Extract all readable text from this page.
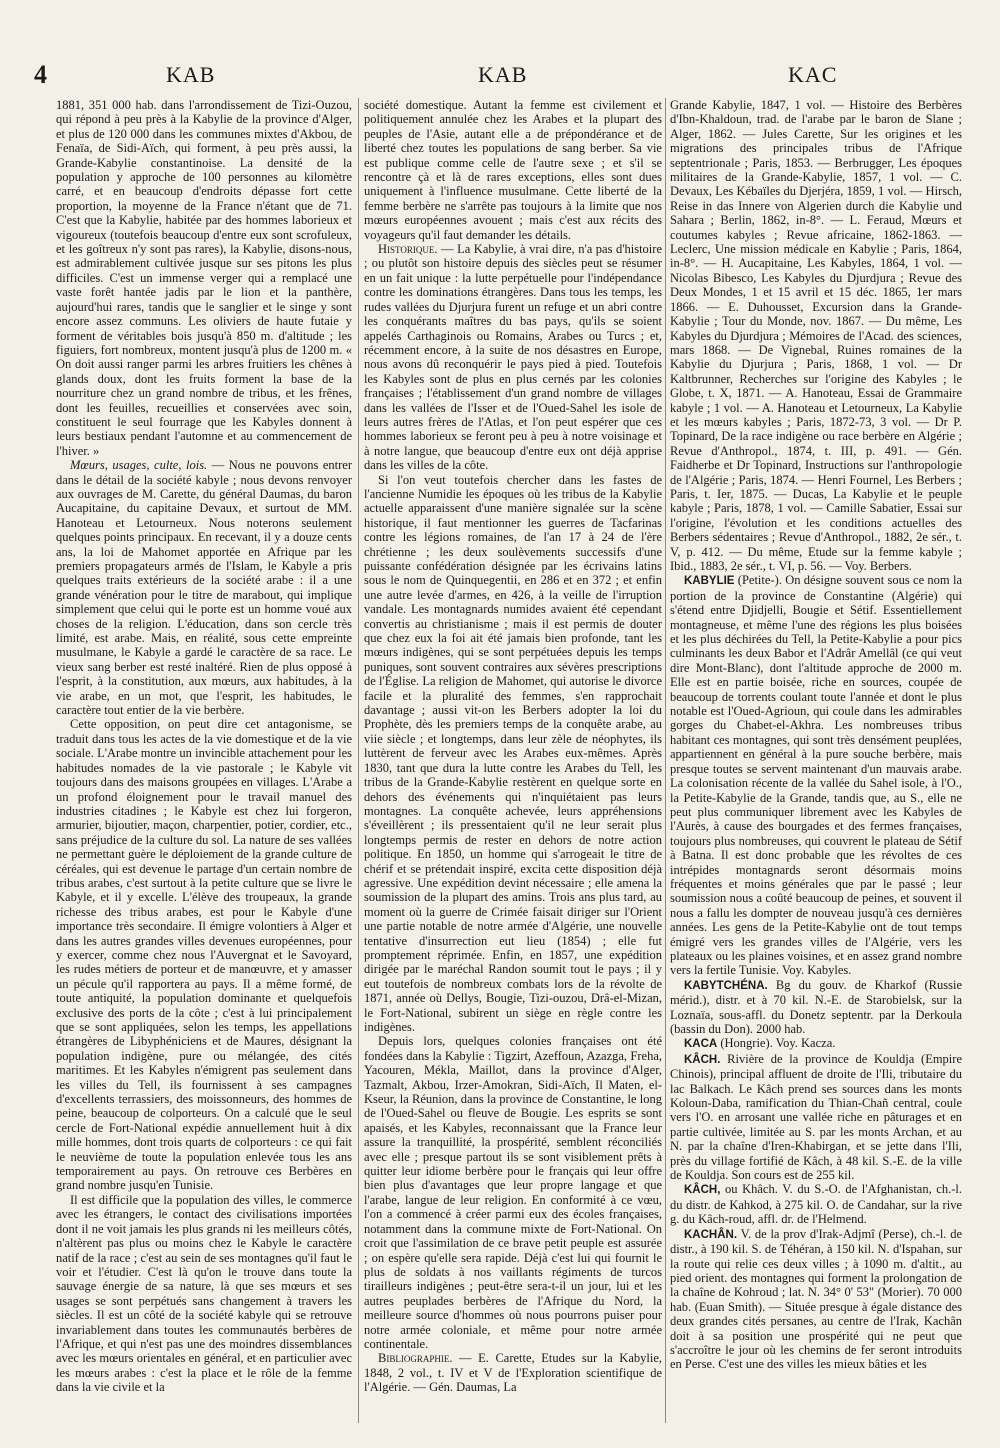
4	KAB	KAB	KAC

1881, 351 000 hab. dans l'arrondissement de Tizi-Ouzou, qui répond à peu près à la Kabylie de la province d'Alger, et plus de 120 000 dans les communes mixtes d'Akbou, de Fenaïa, de Sidi-Aïch, qui forment, à peu près aussi, la Grande-Kabylie constantinoise. La densité de la population y approche de 100 personnes au kilomètre carré, et en beaucoup d'endroits dépasse fort cette proportion, la moyenne de la France n'étant que de 71. C'est que la Kabylie, habitée par des hommes laborieux et vigoureux (toutefois beaucoup d'entre eux sont scrofuleux, et les goîtreux n'y sont pas rares), la Kabylie, disons-nous, est admirablement cultivée jusque sur ses pitons les plus difficiles. C'est un immense verger qui a remplacé une vaste forêt hantée jadis par le lion et la panthère, aujourd'hui rares, tandis que le sanglier et le singe y sont encore assez communs. Les oliviers de haute futaie y forment de véritables bois jusqu'à 850 m. d'altitude ; les figuiers, fort nombreux, montent jusqu'à plus de 1200 m. « On doit aussi ranger parmi les arbres fruitiers les chênes à glands doux, dont les fruits forment la base de la nourriture chez un grand nombre de tribus, et les frênes, dont les feuilles, recueillies et conservées avec soin, constituent le seul fourrage que les Kabyles donnent à leurs bestiaux pendant l'automne et au commencement de l'hiver. »

Mœurs, usages, culte, lois. — Nous ne pouvons entrer dans le détail de la société kabyle ; nous devons renvoyer aux ouvrages de M. Carette, du général Daumas, du baron Aucapitaine, du capitaine Devaux, et surtout de MM. Hanoteau et Letourneux. Nous noterons seulement quelques points principaux. En recevant, il y a douze cents ans, la loi de Mahomet apportée en Afrique par les premiers propagateurs armés de l'Islam, le Kabyle a pris quelques traits extérieurs de la société arabe : il a une grande vénération pour le titre de marabout, qui implique simplement que celui qui le porte est un homme voué aux choses de la religion. L'éducation, dans son cercle très limité, est arabe. Mais, en réalité, sous cette empreinte musulmane, le Kabyle a gardé le caractère de sa race. Le vieux sang berber est resté inaltéré. Rien de plus opposé à l'esprit, à la constitution, aux mœurs, aux habitudes, à la vie arabe, en un mot, que l'esprit, les habitudes, le caractère tout entier de la vie berbère.

Cette opposition, on peut dire cet antagonisme, se traduit dans tous les actes de la vie domestique et de la vie sociale. L'Arabe montre un invincible attachement pour les habitudes nomades de la vie pastorale ; le Kabyle vit toujours dans des maisons groupées en villages. L'Arabe a un profond éloignement pour le travail manuel des industries citadines ; le Kabyle est chez lui forgeron, armurier, bijoutier, maçon, charpentier, potier, cordier, etc., sans préjudice de la culture du sol. La nature de ses vallées ne permettant guère le déploiement de la grande culture de céréales, qui est devenue le partage d'un certain nombre de tribus arabes, c'est surtout à la petite culture que se livre le Kabyle, et il y excelle. L'élève des troupeaux, la grande richesse des tribus arabes, est pour le Kabyle d'une importance très secondaire. Il émigre volontiers à Alger et dans les autres grandes villes devenues européennes, pour y exercer, comme chez nous l'Auvergnat et le Savoyard, les rudes métiers de porteur et de manœuvre, et y amasser un pécule qu'il rapportera au pays. Il a même formé, de toute antiquité, la population dominante et quelquefois exclusive des ports de la côte ; c'est à lui principalement que se sont appliquées, selon les temps, les appellations étrangères de Libyphéniciens et de Maures, désignant la population indigène, pure ou mélangée, des cités maritimes. Et les Kabyles n'émigrent pas seulement dans les villes du Tell, ils fournissent à ses campagnes d'excellents terrassiers, des moissonneurs, des hommes de peine, beaucoup de colporteurs. On a calculé que le seul cercle de Fort-National expédie annuellement huit à dix mille hommes, dont trois quarts de colporteurs : ce qui fait le neuvième de toute la population enlevée tous les ans temporairement au pays. On retrouve ces Berbères en grand nombre jusqu'en Tunisie.

Il est difficile que la population des villes, le commerce avec les étrangers, le contact des civilisations importées dont il ne voit jamais les plus grands ni les meilleurs côtés, n'altèrent pas plus ou moins chez le Kabyle le caractère natif de la race ; c'est au sein de ses montagnes qu'il faut le voir et l'étudier. C'est là qu'on le trouve dans toute la sauvage énergie de sa nature, là que ses mœurs et ses usages se sont perpétués sans changement à travers les siècles. Il est un côté de la société kabyle qui se retrouve invariablement dans toutes les communautés berbères de l'Afrique, et qui n'est pas une des moindres dissemblances avec les mœurs orientales en général, et en particulier avec les mœurs arabes : c'est la place et le rôle de la femme dans la vie civile et la

société domestique. Autant la femme est civilement et politiquement annulée chez les Arabes et la plupart des peuples de l'Asie, autant elle a de prépondérance et de liberté chez toutes les populations de sang berber. Sa vie est publique comme celle de l'autre sexe ; et s'il se rencontre çà et là de rares exceptions, elles sont dues uniquement à l'influence musulmane. Cette liberté de la femme berbère ne s'arrête pas toujours à la limite que nos mœurs européennes avouent ; mais c'est aux récits des voyageurs qu'il faut demander les détails.

Historique. — La Kabylie, à vrai dire, n'a pas d'histoire ; ou plutôt son histoire depuis des siècles peut se résumer en un fait unique : la lutte perpétuelle pour l'indépendance contre les dominations étrangères. Dans tous les temps, les rudes vallées du Djurjura furent un refuge et un abri contre les conquérants maîtres du bas pays, qu'ils se soient appelés Carthaginois ou Romains, Arabes ou Turcs ; et, récemment encore, à la suite de nos désastres en Europe, nous avons dû reconquérir le pays pied à pied. Toutefois les Kabyles sont de plus en plus cernés par les colonies françaises ; l'établissement d'un grand nombre de villages dans les vallées de l'Isser et de l'Oued-Sahel les isole de leurs autres frères de l'Atlas, et l'on peut espérer que ces hommes laborieux se feront peu à peu à notre voisinage et à notre langue, que beaucoup d'entre eux ont déjà apprise dans les villes de la côte.

Si l'on veut toutefois chercher dans les fastes de l'ancienne Numidie les époques où les tribus de la Kabylie actuelle apparaissent d'une manière signalée sur la scène historique, il faut mentionner les guerres de Tacfarinas contre les légions romaines, de l'an 17 à 24 de l'ère chrétienne ; les deux soulèvements successifs d'une puissante confédération désignée par les écrivains latins sous le nom de Quinquegentii, en 286 et en 372 ; et enfin une autre levée d'armes, en 426, à la veille de l'irruption vandale. Les montagnards numides avaient été cependant convertis au christianisme ; mais il est permis de douter que chez eux la foi ait été jamais bien profonde, tant les mœurs indigènes, qui se sont perpétuées depuis les temps puniques, sont souvent contraires aux sévères prescriptions de l'Église. La religion de Mahomet, qui autorise le divorce facile et la pluralité des femmes, s'en rapprochait davantage ; aussi vit-on les Berbers adopter la loi du Prophète, dès les premiers temps de la conquête arabe, au viie siècle ; et longtemps, dans leur zèle de néophytes, ils luttèrent de ferveur avec les Arabes eux-mêmes. Après 1830, tant que dura la lutte contre les Arabes du Tell, les tribus de la Grande-Kabylie restèrent en quelque sorte en dehors des événements qui n'inquiétaient pas leurs montagnes. La conquête achevée, leurs appréhensions s'éveillèrent ; ils pressentaient qu'il ne leur serait plus longtemps permis de rester en dehors de notre action politique. En 1850, un homme qui s'arrogeait le titre de chérif et se prétendait inspiré, excita cette disposition déjà agressive. Une expédition devint nécessaire ; elle amena la soumission de la plupart des amins. Trois ans plus tard, au moment où la guerre de Crimée faisait diriger sur l'Orient une partie notable de notre armée d'Algérie, une nouvelle tentative d'insurrection eut lieu (1854) ; elle fut promptement réprimée. Enfin, en 1857, une expédition dirigée par le maréchal Randon soumit tout le pays ; il y eut toutefois de nombreux combats lors de la révolte de 1871, année où Dellys, Bougie, Tizi-ouzou, Drâ-el-Mizan, le Fort-National, subirent un siège en règle contre les indigènes.

Depuis lors, quelques colonies françaises ont été fondées dans la Kabylie : Tigzirt, Azeffoun, Azazga, Freha, Yacouren, Mékla, Maillot, dans la province d'Alger, Tazmalt, Akbou, Irzer-Amokran, Sidi-Aïch, Il Maten, el-Kseur, la Réunion, dans la province de Constantine, le long de l'Oued-Sahel ou fleuve de Bougie. Les esprits se sont apaisés, et les Kabyles, reconnaissant que la France leur assure la tranquillité, la prospérité, semblent réconciliés avec elle ; presque partout ils se sont visiblement prêts à quitter leur idiome berbère pour le français qui leur offre bien plus d'avantages que leur propre langage et que l'arabe, langue de leur religion. En conformité à ce vœu, l'on a commencé à créer parmi eux des écoles françaises, notamment dans la commune mixte de Fort-National. On croit que l'assimilation de ce brave petit peuple est assurée ; on espère qu'elle sera rapide. Déjà c'est lui qui fournit le plus de soldats à nos vaillants régiments de turcos tirailleurs indigènes ; peut-être sera-t-il un jour, lui et les autres peuplades berbères de l'Afrique du Nord, la meilleure source d'hommes où nous pourrons puiser pour notre armée coloniale, et même pour notre armée continentale.

Bibliographie. — E. Carette, Etudes sur la Kabylie, 1848, 2 vol., t. IV et V de l'Exploration scientifique de l'Algérie. — Gén. Daumas, La

Grande Kabylie, 1847, 1 vol. — Histoire des Berbères d'Ibn-Khaldoun, trad. de l'arabe par le baron de Slane ; Alger, 1862. — Jules Carette, Sur les origines et les migrations des principales tribus de l'Afrique septentrionale ; Paris, 1853. — Berbrugger, Les époques militaires de la Grande-Kabylie, 1857, 1 vol. — C. Devaux, Les Kébaïles du Djerjéra, 1859, 1 vol. — Hirsch, Reise in das Innere von Algerien durch die Kabylie und Sahara ; Berlin, 1862, in-8°. — L. Feraud, Mœurs et coutumes kabyles ; Revue africaine, 1862-1863. — Leclerc, Une mission médicale en Kabylie ; Paris, 1864, in-8°. — H. Aucapitaine, Les Kabyles, 1864, 1 vol. — Nicolas Bibesco, Les Kabyles du Djurdjura ; Revue des Deux Mondes, 1 et 15 avril et 15 déc. 1865, 1er mars 1866. — E. Duhousset, Excursion dans la Grande-Kabylie ; Tour du Monde, nov. 1867. — Du même, Les Kabyles du Djurdjura ; Mémoires de l'Acad. des sciences, mars 1868. — De Vignebal, Ruines romaines de la Kabylie du Djurjura ; Paris, 1868, 1 vol. — Dr Kaltbrunner, Recherches sur l'origine des Kabyles ; le Globe, t. X, 1871. — A. Hanoteau, Essai de Grammaire kabyle ; 1 vol. — A. Hanoteau et Letourneux, La Kabylie et les mœurs kabyles ; Paris, 1872-73, 3 vol. — Dr P. Topinard, De la race indigène ou race berbère en Algérie ; Revue d'Anthropol., 1874, t. III, p. 491. — Gén. Faidherbe et Dr Topinard, Instructions sur l'anthropologie de l'Algérie ; Paris, 1874. — Henri Fournel, Les Berbers ; Paris, t. Ier, 1875. — Ducas, La Kabylie et le peuple kabyle ; Paris, 1878, 1 vol. — Camille Sabatier, Essai sur l'origine, l'évolution et les conditions actuelles des Berbers sédentaires ; Revue d'Anthropol., 1882, 2e sér., t. V, p. 412. — Du même, Etude sur la femme kabyle ; Ibid., 1883, 2e sér., t. VI, p. 56. — Voy. Berbers.

KABYLIE (Petite-). On désigne souvent sous ce nom la portion de la province de Constantine (Algérie) qui s'étend entre Djidjelli, Bougie et Sétif. Essentiellement montagneuse, et même l'une des régions les plus boisées et les plus déchirées du Tell, la Petite-Kabylie a pour pics culminants les deux Babor et l'Adrâr Amellâl (ce qui veut dire Mont-Blanc), dont l'altitude approche de 2000 m. Elle est en partie boisée, riche en sources, coupée de beaucoup de torrents coulant toute l'année et dont le plus notable est l'Oued-Agrioun, qui coule dans les admirables gorges du Chabet-el-Akhra. Les nombreuses tribus habitant ces montagnes, qui sont très densément peuplées, appartiennent en général à la pure souche berbère, mais presque toutes se servent maintenant d'un mauvais arabe. La colonisation récente de la vallée du Sahel isole, à l'O., la Petite-Kabylie de la Grande, tandis que, au S., elle ne peut plus communiquer librement avec les Kabyles de l'Aurès, à cause des bourgades et des fermes françaises, toujours plus nombreuses, qui couvrent le plateau de Sétif à Batna. Il est donc probable que les révoltes de ces intrépides montagnards seront désormais moins fréquentes et moins générales que par le passé ; leur soumission nous a coûté beaucoup de peines, et souvent il nous a fallu les dompter de nouveau jusqu'à ces dernières années. Les gens de la Petite-Kabylie ont de tout temps émigré vers les grandes villes de l'Algérie, vers les plateaux ou les plaines voisines, et en assez grand nombre vers la fertile Tunisie. Voy. Kabyles.

KABYTCHÉNA. Bg du gouv. de Kharkof (Russie mérid.), distr. et à 70 kil. N.-E. de Starobielsk, sur la Loznaïa, sous-affl. du Donetz septentr. par la Derkoula (bassin du Don). 2000 hab.

KACA (Hongrie). Voy. Kacza.

KÂCH. Rivière de la province de Kouldja (Empire Chinois), principal affluent de droite de l'Ili, tributaire du lac Balkach. Le Kâch prend ses sources dans les monts Koloun-Daba, ramification du Thian-Chañ central, coule vers l'O. en arrosant une vallée riche en pâturages et en partie cultivée, limitée au S. par les monts Archan, et au N. par la chaîne d'Iren-Khabirgan, et se jette dans l'Ili, près du village fortifié de Kâch, à 48 kil. S.-E. de la ville de Kouldja. Son cours est de 255 kil.

KÂCH, ou Khâch. V. du S.-O. de l'Afghanistan, ch.-l. du distr. de Kahkod, à 275 kil. O. de Candahar, sur la rive g. du Kâch-roud, affl. dr. de l'Helmend.

KACHÂN. V. de la prov d'Irak-Adjmî (Perse), ch.-l. de distr., à 190 kil. S. de Téhéran, à 150 kil. N. d'Ispahan, sur la route qui relie ces deux villes ; à 1090 m. d'altit., au pied orient. des montagnes qui forment la prolongation de la chaîne de Kohroud ; lat. N. 34° 0' 53" (Morier). 70 000 hab. (Euan Smith). — Située presque à égale distance des deux grandes cités persanes, au centre de l'Irak, Kachân doit à sa position une prospérité qui ne peut que s'accroître le jour où les chemins de fer seront introduits en Perse. C'est une des villes les mieux bâties et les
